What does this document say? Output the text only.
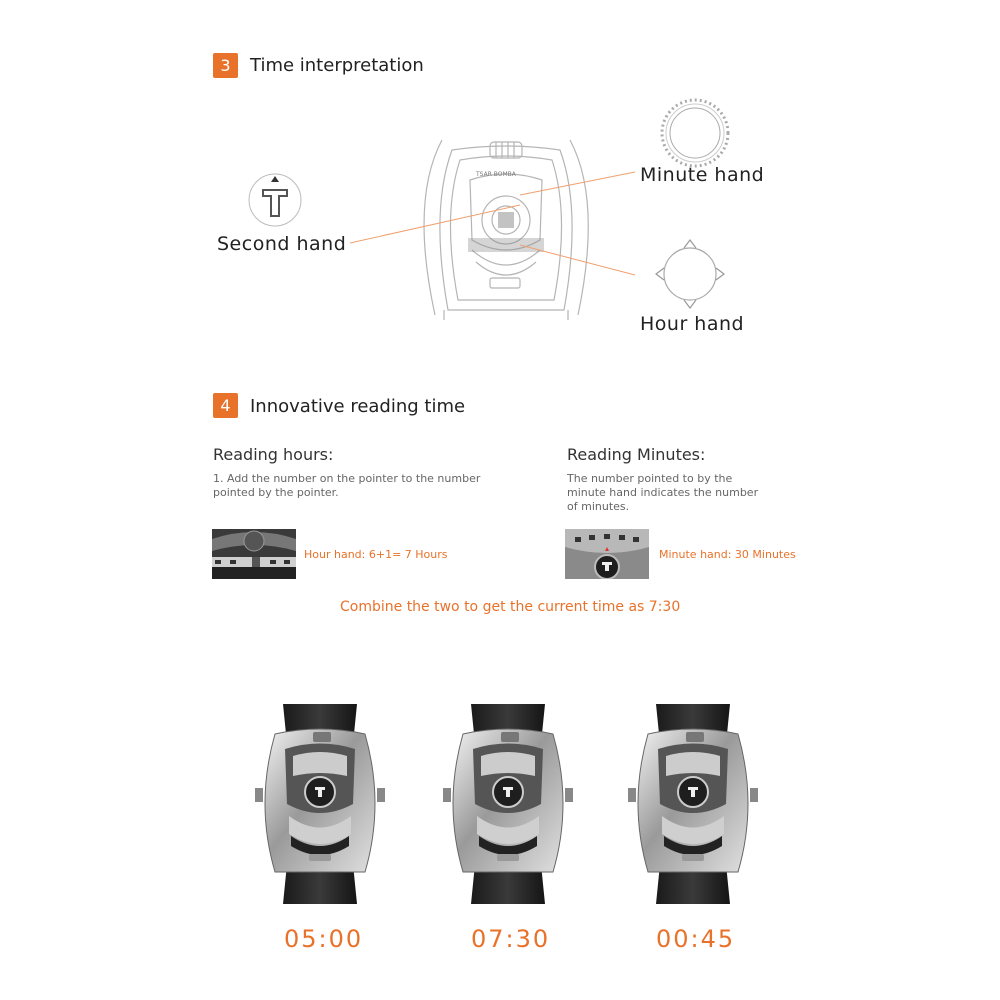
3	Time interpretation
TSAR BOMBA	Minute hand
Second hand
Hour hand
4	Innovative reading time
Reading hours:
1. Add the number on the pointer to the number
pointed by the pointer.
Reading Minutes:
The number pointed to by the
minute hand indicates the number
of minutes.
Hour hand: 6+1= 7 Hours	Minute hand: 30 Minutes
Combine the two to get the current time as 7:30
05:00	07:30	00:45
